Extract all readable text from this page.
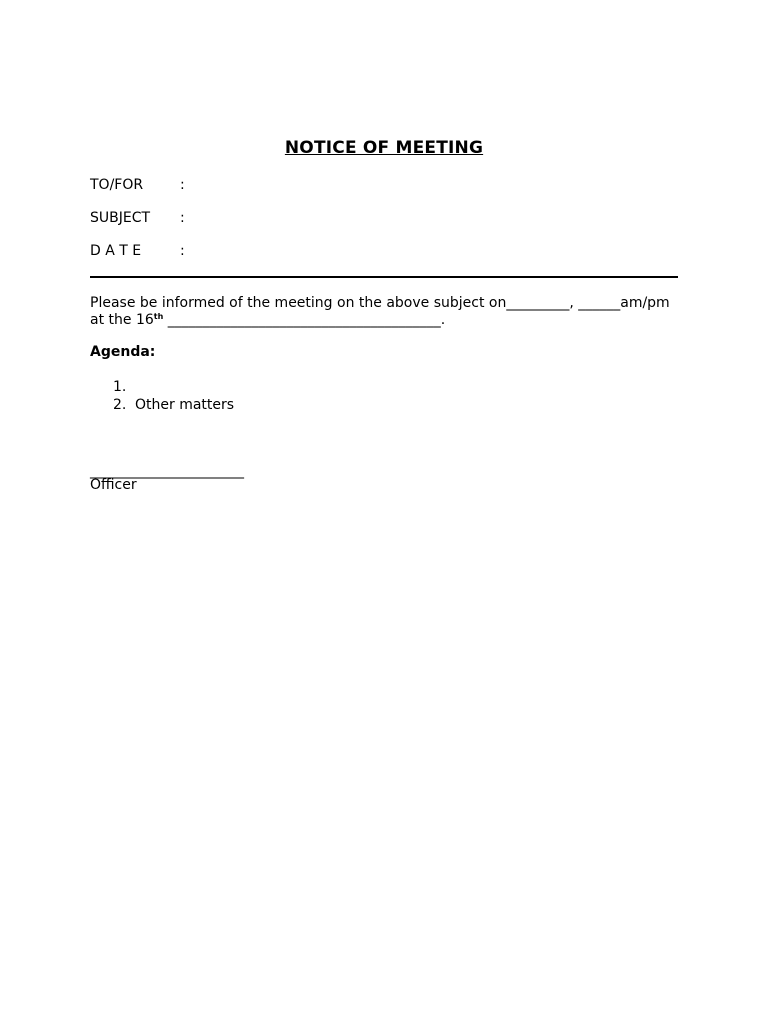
NOTICE OF MEETING
TO/FOR	:
SUBJECT :
D A T E	:
Please be informed of the meeting on the above subject on_________, ______am/pm
at the 16th _______________________________________.
Agenda:
1.
2. Other matters
______________________
Officer
